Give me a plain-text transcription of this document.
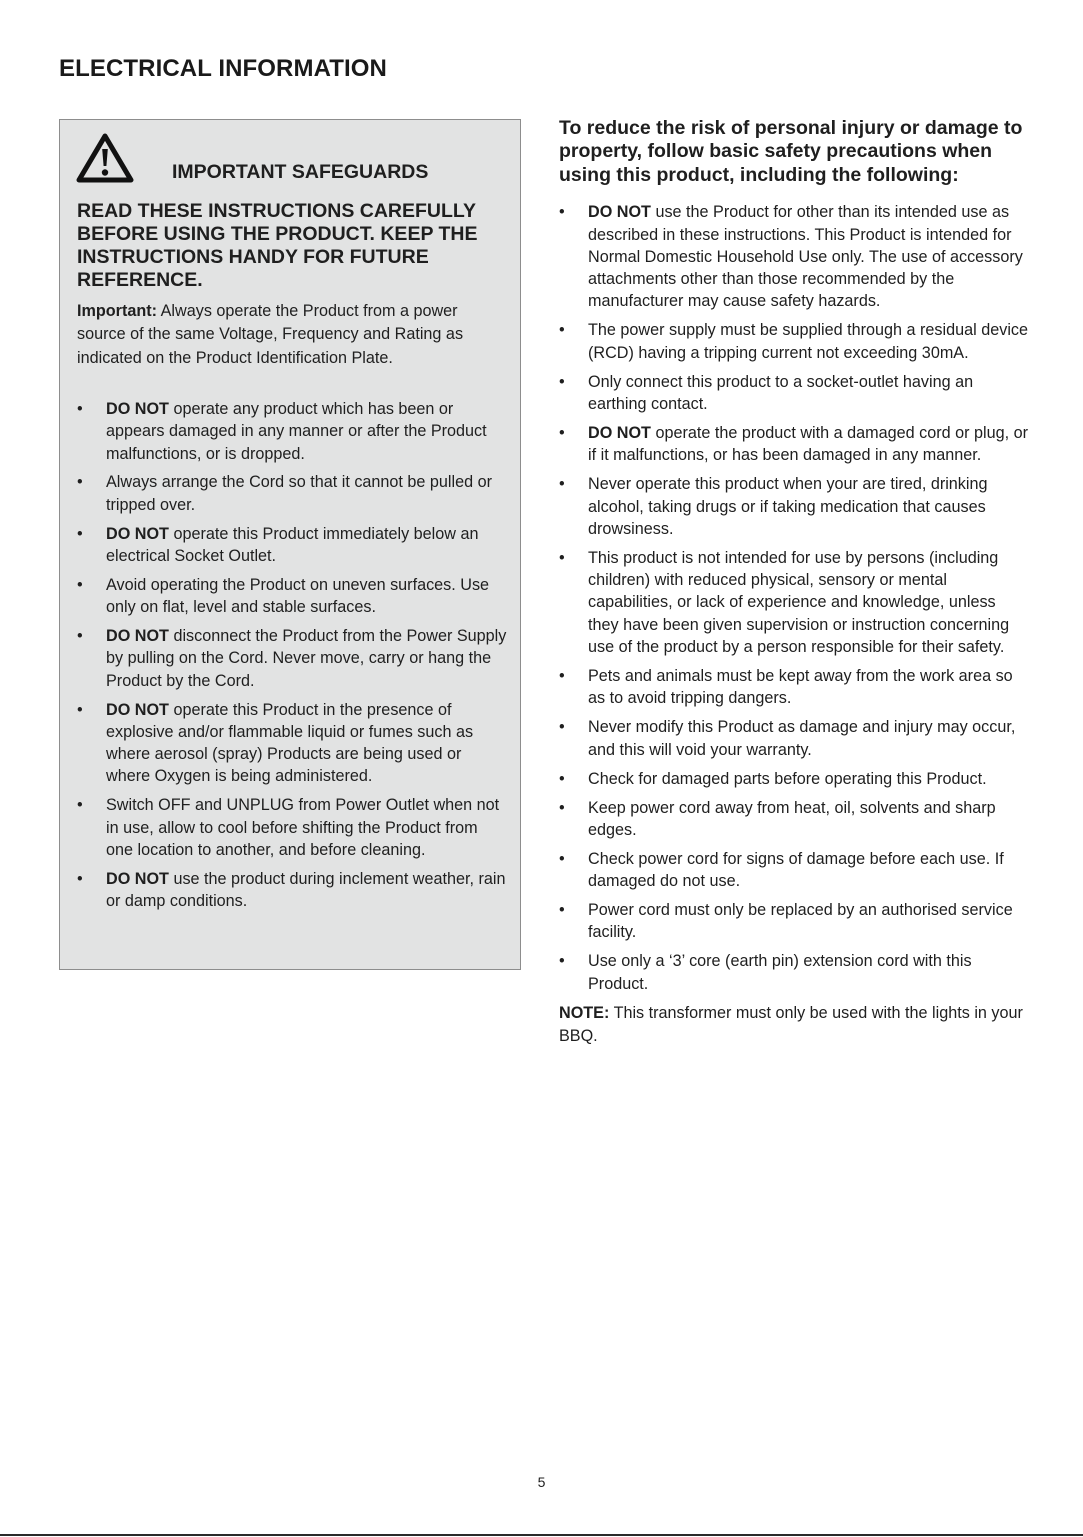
ELECTRICAL INFORMATION
IMPORTANT SAFEGUARDS

READ THESE INSTRUCTIONS CAREFULLY BEFORE USING THE PRODUCT. KEEP THE INSTRUCTIONS HANDY FOR FUTURE REFERENCE.

Important: Always operate the Product from a power source of the same Voltage, Frequency and Rating as indicated on the Product Identification Plate.

• DO NOT operate any product which has been or appears damaged in any manner or after the Product malfunctions, or is dropped.
• Always arrange the Cord so that it cannot be pulled or tripped over.
• DO NOT operate this Product immediately below an electrical Socket Outlet.
• Avoid operating the Product on uneven surfaces. Use only on flat, level and stable surfaces.
• DO NOT disconnect the Product from the Power Supply by pulling on the Cord. Never move, carry or hang the Product by the Cord.
• DO NOT operate this Product in the presence of explosive and/or flammable liquid or fumes such as where aerosol (spray) Products are being used or where Oxygen is being administered.
• Switch OFF and UNPLUG from Power Outlet when not in use, allow to cool before shifting the Product from one location to another, and before cleaning.
• DO NOT use the product during inclement weather, rain or damp conditions.
To reduce the risk of personal injury or damage to property, follow basic safety precautions when using this product, including the following:
• DO NOT use the Product for other than its intended use as described in these instructions. This Product is intended for Normal Domestic Household Use only. The use of accessory attachments other than those recommended by the manufacturer may cause safety hazards.
• The power supply must be supplied through a residual device (RCD) having a tripping current not exceeding 30mA.
• Only connect this product to a socket-outlet having an earthing contact.
• DO NOT operate the product with a damaged cord or plug, or if it malfunctions, or has been damaged in any manner.
• Never operate this product when your are tired, drinking alcohol, taking drugs or if taking medication that causes drowsiness.
• This product is not intended for use by persons (including children) with reduced physical, sensory or mental capabilities, or lack of experience and knowledge, unless they have been given supervision or instruction concerning use of the product by a person responsible for their safety.
• Pets and animals must be kept away from the work area so as to avoid tripping dangers.
• Never modify this Product as damage and injury may occur, and this will void your warranty.
• Check for damaged parts before operating this Product.
• Keep power cord away from heat, oil, solvents and sharp edges.
• Check power cord for signs of damage before each use. If damaged do not use.
• Power cord must only be replaced by an authorised service facility.
• Use only a ‘3’ core (earth pin) extension cord with this Product.

NOTE: This transformer must only be used with the lights in your BBQ.

5
